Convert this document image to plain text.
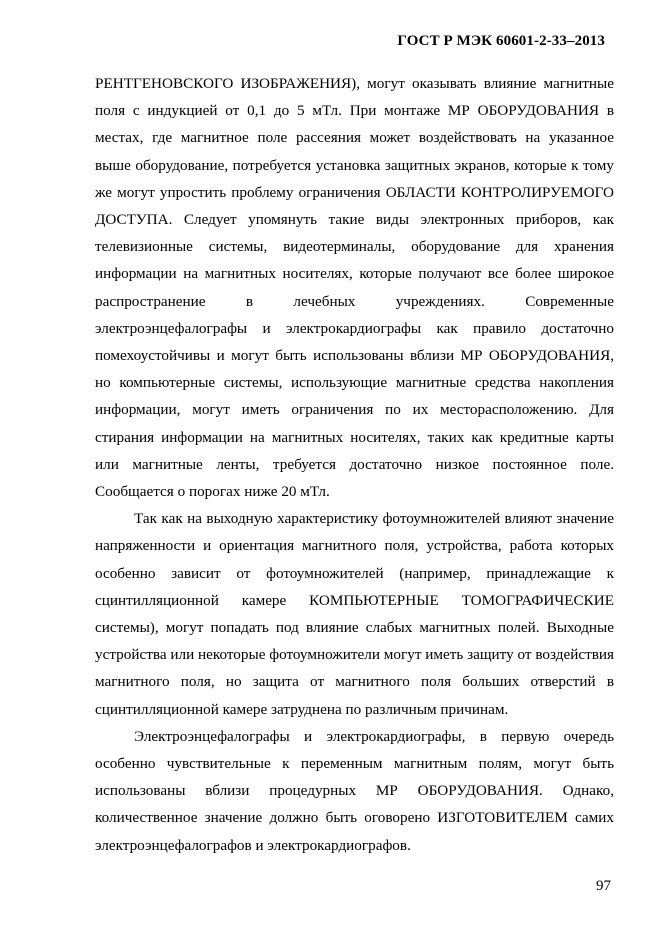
ГОСТ Р МЭК 60601-2-33–2013

РЕНТГЕНОВСКОГО ИЗОБРАЖЕНИЯ), могут оказывать влияние магнитные поля с индукцией от 0,1 до 5 мТл. При монтаже МР ОБОРУДОВАНИЯ в местах, где магнитное поле рассеяния может воздействовать на указанное выше оборудование, потребуется установка защитных экранов, которые к тому же могут упростить проблему ограничения ОБЛАСТИ КОНТРОЛИРУЕМОГО ДОСТУПА. Следует упомянуть такие виды электронных приборов, как телевизионные системы, видеотерминалы, оборудование для хранения информации на магнитных носителях, которые получают все более широкое распространение в лечебных учреждениях. Современные электроэнцефалографы и электрокардиографы как правило достаточно помехоустойчивы и могут быть использованы вблизи МР ОБОРУДОВАНИЯ, но компьютерные системы, использующие магнитные средства накопления информации, могут иметь ограничения по их месторасположению. Для стирания информации на магнитных носителях, таких как кредитные карты или магнитные ленты, требуется достаточно низкое постоянное поле. Сообщается о порогах ниже 20 мТл.

Так как на выходную характеристику фотоумножителей влияют значение напряженности и ориентация магнитного поля, устройства, работа которых особенно зависит от фотоумножителей (например, принадлежащие к сцинтилляционной камере КОМПЬЮТЕРНЫЕ ТОМОГРАФИЧЕСКИЕ системы), могут попадать под влияние слабых магнитных полей. Выходные устройства или некоторые фотоумножители могут иметь защиту от воздействия магнитного поля, но защита от магнитного поля больших отверстий в сцинтилляционной камере затруднена по различным причинам.

Электроэнцефалографы и электрокардиографы, в первую очередь особенно чувствительные к переменным магнитным полям, могут быть использованы вблизи процедурных МР ОБОРУДОВАНИЯ. Однако, количественное значение должно быть оговорено ИЗГОТОВИТЕЛЕМ самих электроэнцефалографов и электрокардиографов.

97
